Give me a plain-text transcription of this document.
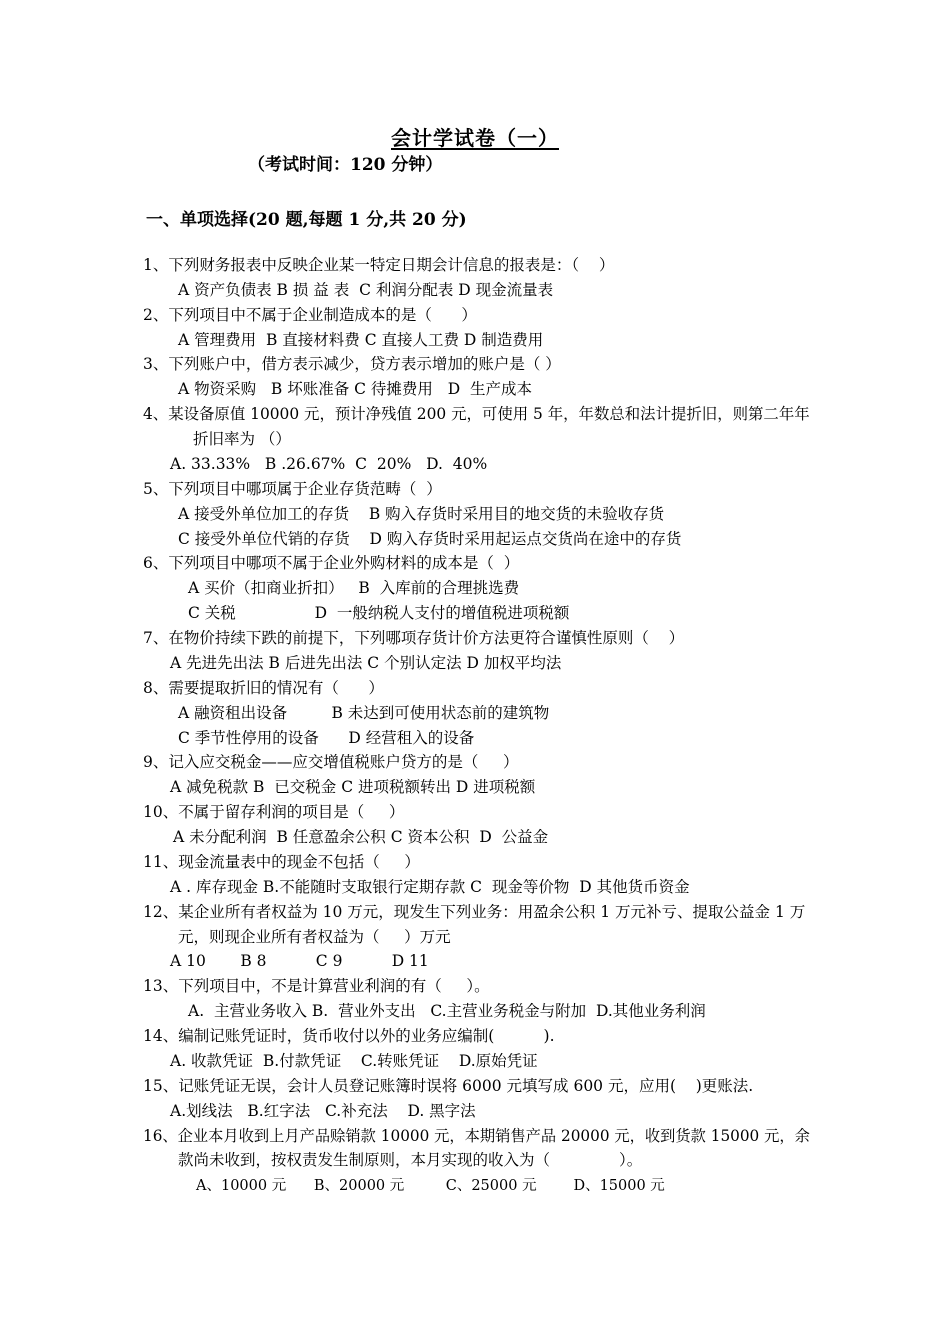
会计学试卷（一）
（考试时间：120 分钟）
一、单项选择(20 题,每题 1 分,共 20 分)
1、下列财务报表中反映企业某一特定日期会计信息的报表是：（    ）
A 资产负债表 B 损 益 表  C 利润分配表 D 现金流量表
2、下列项目中不属于企业制造成本的是（      ）
A 管理费用  B 直接材料费 C 直接人工费 D 制造费用
3、下列账户中，借方表示减少，贷方表示增加的账户是（ ）
A 物资采购   B 坏账准备 C 待摊费用   D  生产成本
4、某设备原值 10000 元，预计净残值 200 元，可使用 5 年，年数总和法计提折旧，则第二年年
折旧率为 （）
A. 33.33%   B .26.67%  C  20%   D.  40%
5、下列项目中哪项属于企业存货范畴（  ）
A 接受外单位加工的存货    B 购入存货时采用目的地交货的未验收存货
C 接受外单位代销的存货    D 购入存货时采用起运点交货尚在途中的存货
6、下列项目中哪项不属于企业外购材料的成本是（  ）
A 买价（扣商业折扣）   B  入库前的合理挑选费
C 关税                D  一般纳税人支付的增值税进项税额
7、在物价持续下跌的前提下，下列哪项存货计价方法更符合谨慎性原则（    ）
A 先进先出法 B 后进先出法 C 个别认定法 D 加权平均法
8、需要提取折旧的情况有（      ）
A 融资租出设备         B 未达到可使用状态前的建筑物
C 季节性停用的设备      D 经营租入的设备
9、记入应交税金——应交增值税账户贷方的是（     ）
A 减免税款 B  已交税金 C 进项税额转出 D 进项税额
10、不属于留存利润的项目是（     ）
A 未分配利润  B 任意盈余公积 C 资本公积  D  公益金
11、现金流量表中的现金不包括（     ）
A . 库存现金 B.不能随时支取银行定期存款 C  现金等价物  D 其他货币资金
12、某企业所有者权益为 10 万元，现发生下列业务：用盈余公积 1 万元补亏、提取公益金 1 万
元，则现企业所有者权益为（     ）万元
A 10       B 8          C 9          D 11
13、下列项目中，不是计算营业利润的有（     ）。
A.  主营业务收入 B.  营业外支出   C.主营业务税金与附加  D.其他业务利润
14、编制记账凭证时，货币收付以外的业务应编制(          ).
A. 收款凭证  B.付款凭证    C.转账凭证    D.原始凭证
15、记账凭证无误，会计人员登记账簿时误将 6000 元填写成 600 元，应用(    )更账法.
A.划线法   B.红字法   C.补充法    D. 黑字法
16、企业本月收到上月产品赊销款 10000 元，本期销售产品 20000 元，收到货款 15000 元，余
款尚未收到，按权责发生制原则，本月实现的收入为（              ）。
A、10000 元      B、20000 元         C、25000 元        D、15000 元
